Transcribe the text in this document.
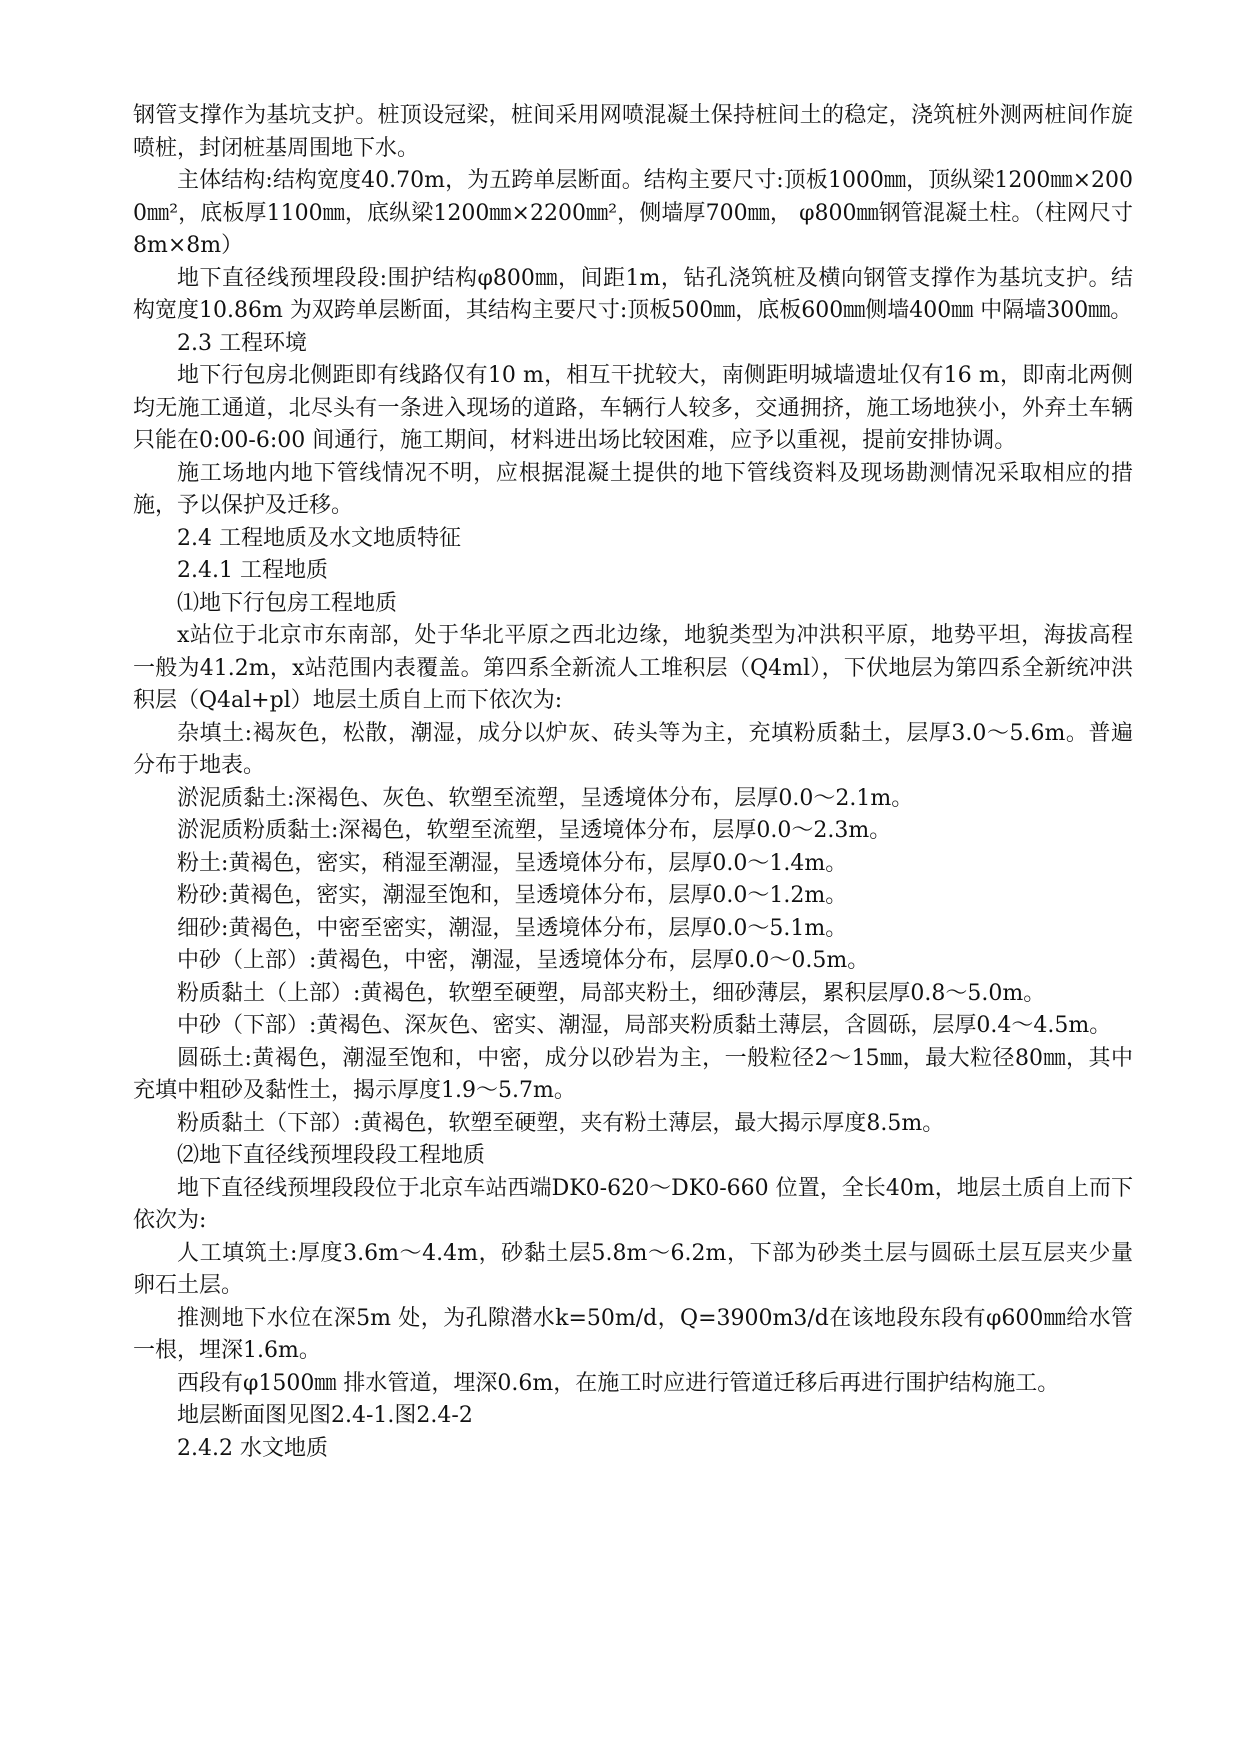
钢管支撑作为基坑支护。桩顶设冠梁，桩间采用网喷混凝土保持桩间土的稳定，浇筑桩外测两桩间作旋喷桩，封闭桩基周围地下水。

主体结构:结构宽度40.70m，为五跨单层断面。结构主要尺寸:顶板1000㎜，顶纵梁1200㎜×2000㎜²，底板厚1100㎜，底纵梁1200㎜×2200㎜²，侧墙厚700㎜， φ800㎜钢管混凝土柱。（柱网尺寸8m×8m）

地下直径线预埋段段:围护结构φ800㎜，间距1m，钻孔浇筑桩及横向钢管支撑作为基坑支护。结构宽度10.86m 为双跨单层断面，其结构主要尺寸:顶板500㎜，底板600㎜侧墙400㎜ 中隔墙300㎜。

2.3 工程环境

地下行包房北侧距即有线路仅有10 m，相互干扰较大，南侧距明城墙遗址仅有16 m，即南北两侧均无施工通道，北尽头有一条进入现场的道路，车辆行人较多，交通拥挤，施工场地狭小，外弃土车辆只能在0:00-6:00 间通行，施工期间，材料进出场比较困难，应予以重视，提前安排协调。

施工场地内地下管线情况不明，应根据混凝土提供的地下管线资料及现场勘测情况采取相应的措施，予以保护及迁移。

2.4 工程地质及水文地质特征

2.4.1 工程地质

⑴地下行包房工程地质

x站位于北京市东南部，处于华北平原之西北边缘，地貌类型为冲洪积平原，地势平坦，海拔高程一般为41.2m，x站范围内表覆盖。第四系全新流人工堆积层（Q4ml），下伏地层为第四系全新统冲洪积层（Q4al+pl）地层土质自上而下依次为:

杂填土:褐灰色，松散，潮湿，成分以炉灰、砖头等为主，充填粉质黏土，层厚3.0～5.6m。普遍分布于地表。

淤泥质黏土:深褐色、灰色、软塑至流塑，呈透境体分布，层厚0.0～2.1m。

淤泥质粉质黏土:深褐色，软塑至流塑，呈透境体分布，层厚0.0～2.3m。

粉土:黄褐色，密实，稍湿至潮湿，呈透境体分布，层厚0.0～1.4m。

粉砂:黄褐色，密实，潮湿至饱和，呈透境体分布，层厚0.0～1.2m。

细砂:黄褐色，中密至密实，潮湿，呈透境体分布，层厚0.0～5.1m。

中砂（上部）:黄褐色，中密，潮湿，呈透境体分布，层厚0.0～0.5m。

粉质黏土（上部）:黄褐色，软塑至硬塑，局部夹粉土，细砂薄层，累积层厚0.8～5.0m。

中砂（下部）:黄褐色、深灰色、密实、潮湿，局部夹粉质黏土薄层，含圆砾，层厚0.4～4.5m。

圆砾土:黄褐色，潮湿至饱和，中密，成分以砂岩为主，一般粒径2～15㎜，最大粒径80㎜，其中充填中粗砂及黏性土，揭示厚度1.9～5.7m。

粉质黏土（下部）:黄褐色，软塑至硬塑，夹有粉土薄层，最大揭示厚度8.5m。

⑵地下直径线预埋段段工程地质

地下直径线预埋段段位于北京车站西端DK0-620～DK0-660 位置，全长40m，地层土质自上而下依次为:

人工填筑土:厚度3.6m～4.4m，砂黏土层5.8m～6.2m，下部为砂类土层与圆砾土层互层夹少量卵石土层。

推测地下水位在深5m 处，为孔隙潜水k=50m/d，Q=3900m3/d在该地段东段有φ600㎜给水管一根，埋深1.6m。

西段有φ1500㎜ 排水管道，埋深0.6m，在施工时应进行管道迁移后再进行围护结构施工。

地层断面图见图2.4-1.图2.4-2

2.4.2 水文地质
